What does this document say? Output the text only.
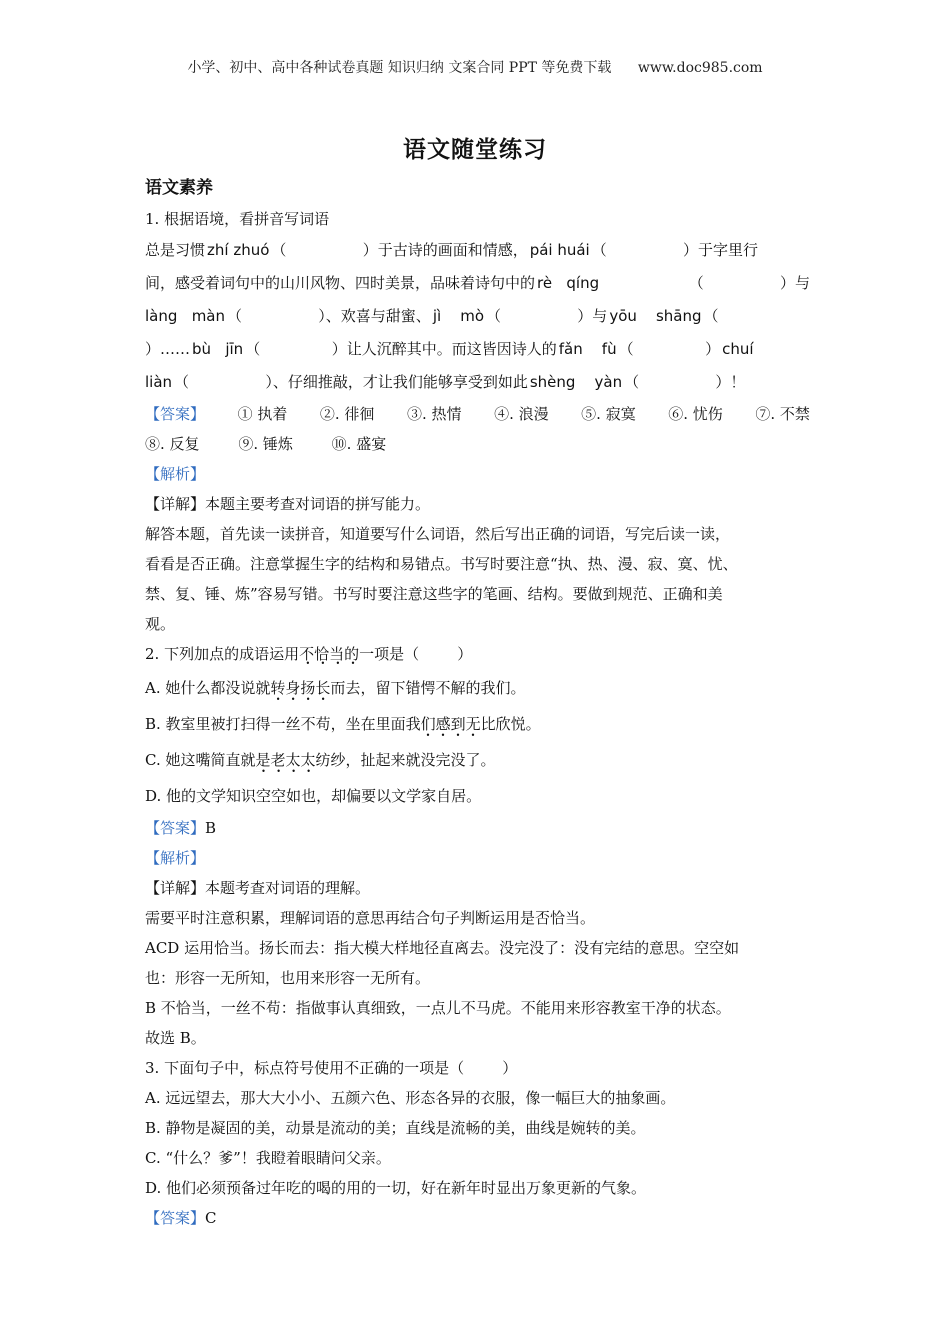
小学、初中、高中各种试卷真题 知识归纳 文案合同 PPT 等免费下载 www.doc985.com
语文随堂练习
语文素养
1. 根据语境，看拼音写词语
总是习惯 zhí zhuó （                ）于古诗的画面和情感， pái huái （                ）于字里行
间，感受着词句中的山川风物、四时美景，品味着诗句中的 rè   qíng	（                ）与
làng   màn （                ）、欢喜与甜蜜、 jì    mò （                ）与 yōu    shāng （
）…… bù   jīn （               ）让人沉醉其中。而这皆因诗人的 fǎn    fù （               ） chuí
liàn （                ）、仔细推敲，才让我们能够享受到如此 shèng    yàn （                ）！
【答案】 ① 执着 ②. 徘徊 ③. 热情 ④. 浪漫 ⑤. 寂寞 ⑥. 忧伤 ⑦. 不禁
⑧. 反复	⑨. 锤炼	⑩. 盛宴
【解析】
【详解】本题主要考查对词语的拼写能力。
解答本题，首先读一读拼音，知道要写什么词语，然后写出正确的词语，写完后读一读，
看看是否正确。注意掌握生字的结构和易错点。书写时要注意“执、热、漫、寂、寞、忧、
禁、复、锤、炼”容易写错。书写时要注意这些字的笔画、结构。要做到规范、正确和美
观。
2. 下列加点的成语运用不恰当的一项是（        ）
A. 她什么都没说就转身扬长而去，留下错愕不解的我们。
B. 教室里被打扫得一丝不苟，坐在里面我们感到无比欣悦。
C. 她这嘴简直就是老太太纺纱，扯起来就没完没了。
D. 他的文学知识空空如也，却偏要以文学家自居。
【答案】B
【解析】
【详解】本题考查对词语的理解。
需要平时注意积累，理解词语的意思再结合句子判断运用是否恰当。
ACD 运用恰当。扬长而去：指大模大样地径直离去。没完没了：没有完结的意思。空空如
也：形容一无所知，也用来形容一无所有。
B 不恰当，一丝不苟：指做事认真细致，一点儿不马虎。不能用来形容教室干净的状态。
故选 B。
3. 下面句子中，标点符号使用不正确的一项是（        ）
A. 远远望去，那大大小小、五颜六色、形态各异的衣服，像一幅巨大的抽象画。
B. 静物是凝固的美，动景是流动的美；直线是流畅的美，曲线是婉转的美。
C. “什么？爹”！我瞪着眼睛问父亲。
D. 他们必须预备过年吃的喝的用的一切，好在新年时显出万象更新的气象。
【答案】C
